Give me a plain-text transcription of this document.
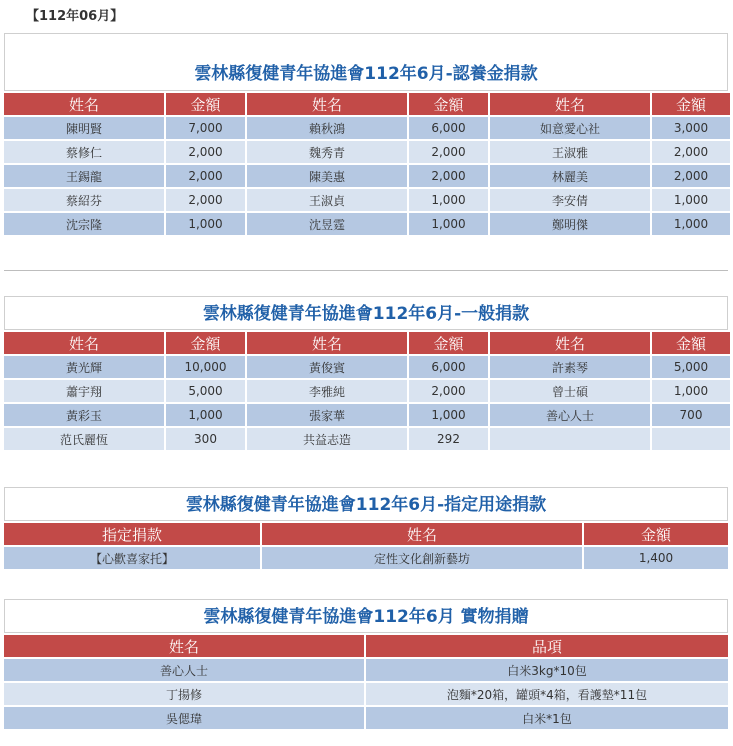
【112年06月】
雲林縣復健青年協進會112年6月-認養金捐款
姓名	金額	姓名	金額	姓名	金額
陳明賢	7,000	賴秋鴻	6,000	如意愛心社	3,000
蔡修仁	2,000	魏秀青	2,000	王淑雅	2,000
王錫龍	2,000	陳美惠	2,000	林麗美	2,000
蔡紹芬	2,000	王淑貞	1,000	李安倩	1,000
沈宗隆	1,000	沈昱霆	1,000	鄭明傑	1,000
雲林縣復健青年協進會112年6月-一般捐款
姓名	金額	姓名	金額	姓名	金額
黃光輝	10,000	黃俊賓	6,000	許素琴	5,000
蕭宇翔	5,000	李雅純	2,000	曾士碩	1,000
黃彩玉	1,000	張家華	1,000	善心人士	700
范氏麗恆	300	共益志造	292		
雲林縣復健青年協進會112年6月-指定用途捐款
指定捐款	姓名	金額
【心歡喜家托】	定性文化創新藝坊	1,400
雲林縣復健青年協進會112年6月 實物捐贈
姓名	品項
善心人士	白米3kg*10包
丁揚修	泡麵*20箱，罐頭*4箱，看護墊*11包
吳偲瑋	白米*1包
